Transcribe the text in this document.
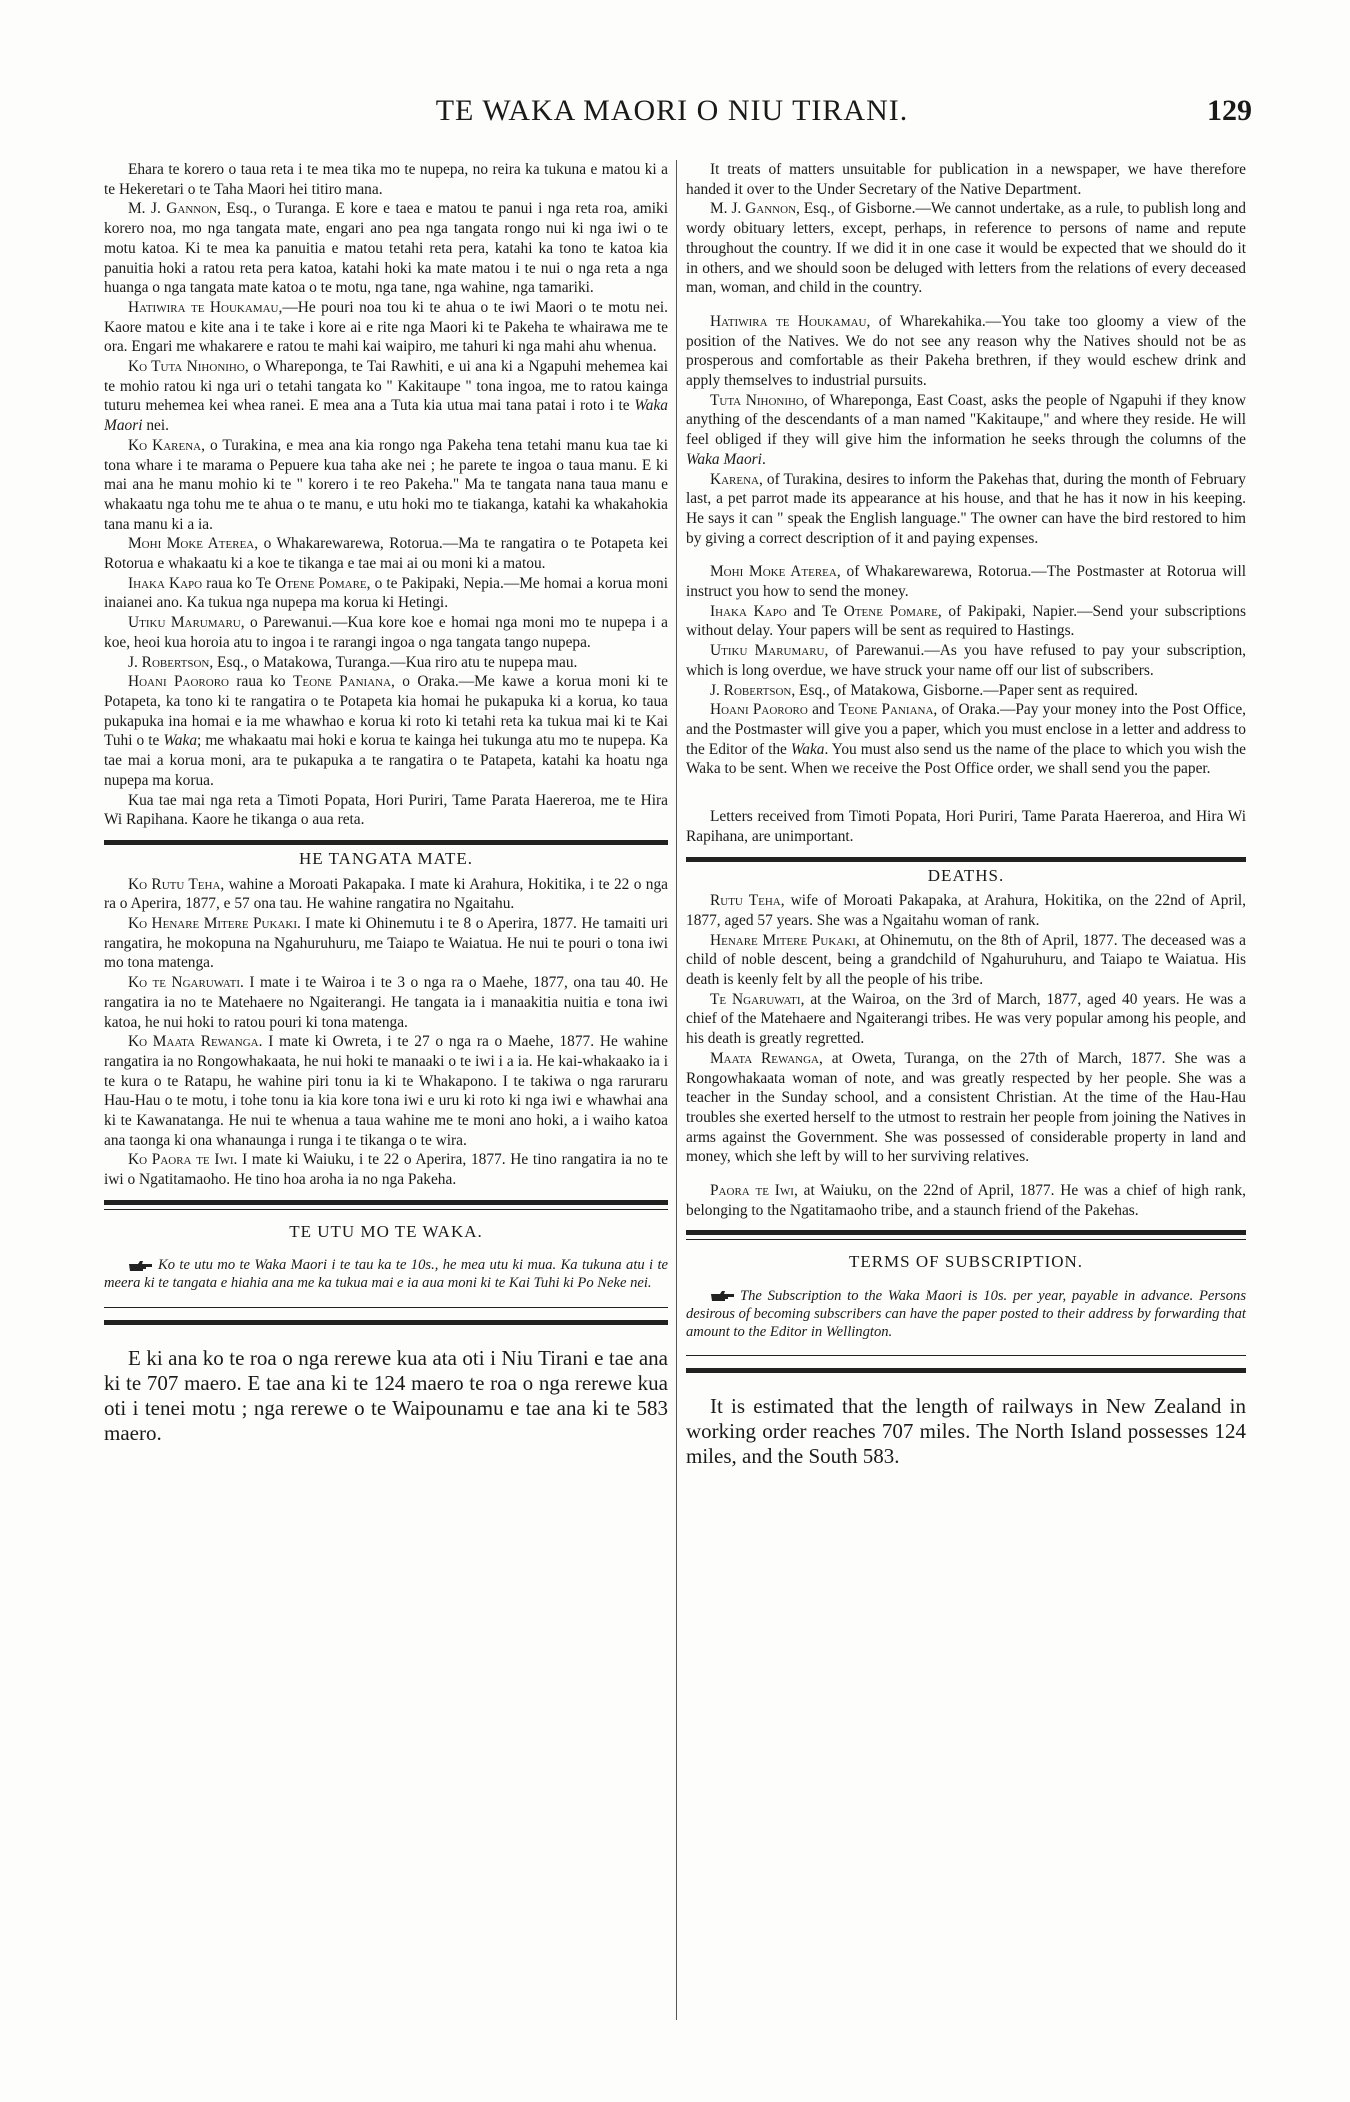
TE WAKA MAORI O NIU TIRANI.	129

Ehara te korero o taua reta i te mea tika mo te nupepa, no reira ka tukuna e matou ki a te Hekeretari o te Taha Maori hei titiro mana.

M. J. Gannon, Esq., o Turanga. E kore e taea e matou te panui i nga reta roa, amiki korero noa, mo nga tangata mate, engari ano pea nga tangata rongo nui ki nga iwi o te motu katoa. Ki te mea ka panuitia e matou tetahi reta pera, katahi ka tono te katoa kia panuitia hoki a ratou reta pera katoa, katahi hoki ka mate matou i te nui o nga reta a nga huanga o nga tangata mate katoa o te motu, nga tane, nga wahine, nga tamariki.

Hatiwira te Houkamau,—He pouri noa tou ki te ahua o te iwi Maori o te motu nei. Kaore matou e kite ana i te take i kore ai e rite nga Maori ki te Pakeha te whairawa me te ora. Engari me whakarere e ratou te mahi kai waipiro, me tahuri ki nga mahi ahu whenua.

Ko Tuta Nihoniho, o Whareponga, te Tai Rawhiti, e ui ana ki a Ngapuhi mehemea kai te mohio ratou ki nga uri o tetahi tangata ko " Kakitaupe " tona ingoa, me to ratou kainga tuturu mehemea kei whea ranei. E mea ana a Tuta kia utua mai tana patai i roto i te Waka Maori nei.

Ko Karena, o Turakina, e mea ana kia rongo nga Pakeha tena tetahi manu kua tae ki tona whare i te marama o Pepuere kua taha ake nei ; he parete te ingoa o taua manu. E ki mai ana he manu mohio ki te " korero i te reo Pakeha." Ma te tangata nana taua manu e whakaatu nga tohu me te ahua o te manu, e utu hoki mo te tiakanga, katahi ka whakahokia tana manu ki a ia.

Mohi Moke Aterea, o Whakarewarewa, Rotorua.—Ma te rangatira o te Potapeta kei Rotorua e whakaatu ki a koe te tikanga e tae mai ai ou moni ki a matou.

Ihaka Kapo raua ko Te Otene Pomare, o te Pakipaki, Nepia.—Me homai a korua moni inaianei ano. Ka tukua nga nupepa ma korua ki Hetingi.

Utiku Marumaru, o Parewanui.—Kua kore koe e homai nga moni mo te nupepa i a koe, heoi kua horoia atu to ingoa i te rarangi ingoa o nga tangata tango nupepa.

J. Robertson, Esq., o Matakowa, Turanga.—Kua riro atu te nupepa mau.

Hoani Paororo raua ko Teone Paniana, o Oraka.—Me kawe a korua moni ki te Potapeta, ka tono ki te rangatira o te Potapeta kia homai he pukapuka ki a korua, ko taua pukapuka ina homai e ia me whawhao e korua ki roto ki tetahi reta ka tukua mai ki te Kai Tuhi o te Waka; me whakaatu mai hoki e korua te kainga hei tukunga atu mo te nupepa. Ka tae mai a korua moni, ara te pukapuka a te rangatira o te Patapeta, katahi ka hoatu nga nupepa ma korua.

Kua tae mai nga reta a Timoti Popata, Hori Puriri, Tame Parata Haereroa, me te Hira Wi Rapihana. Kaore he tikanga o aua reta.

HE TANGATA MATE.

Ko Rutu Teha, wahine a Moroati Pakapaka. I mate ki Arahura, Hokitika, i te 22 o nga ra o Aperira, 1877, e 57 ona tau. He wahine rangatira no Ngaitahu.

Ko Henare Mitere Pukaki. I mate ki Ohinemutu i te 8 o Aperira, 1877. He tamaiti uri rangatira, he mokopuna na Ngahuruhuru, me Taiapo te Waiatua. He nui te pouri o tona iwi mo tona matenga.

Ko te Ngaruwati. I mate i te Wairoa i te 3 o nga ra o Maehe, 1877, ona tau 40. He rangatira ia no te Matehaere no Ngaiterangi. He tangata ia i manaakitia nuitia e tona iwi katoa, he nui hoki to ratou pouri ki tona matenga.

Ko Maata Rewanga. I mate ki Owreta, i te 27 o nga ra o Maehe, 1877. He wahine rangatira ia no Rongowhakaata, he nui hoki te manaaki o te iwi i a ia. He kai-whakaako ia i te kura o te Ratapu, he wahine piri tonu ia ki te Whakapono. I te takiwa o nga raruraru Hau-Hau o te motu, i tohe tonu ia kia kore tona iwi e uru ki roto ki nga iwi e whawhai ana ki te Kawanatanga. He nui te whenua a taua wahine me te moni ano hoki, a i waiho katoa ana taonga ki ona whanaunga i runga i te tikanga o te wira.

Ko Paora te Iwi. I mate ki Waiuku, i te 22 o Aperira, 1877. He tino rangatira ia no te iwi o Ngatitamaoho. He tino hoa aroha ia no nga Pakeha.

TE UTU MO TE WAKA.

Ko te utu mo te Waka Maori i te tau ka te 10s., he mea utu ki mua. Ka tukuna atu i te meera ki te tangata e hiahia ana me ka tukua mai e ia aua moni ki te Kai Tuhi ki Po Neke nei.

E ki ana ko te roa o nga rerewe kua ata oti i Niu Tirani e tae ana ki te 707 maero. E tae ana ki te 124 maero te roa o nga rerewe kua oti i tenei motu ; nga rerewe o te Waipounamu e tae ana ki te 583 maero.

It treats of matters unsuitable for publication in a newspaper, we have therefore handed it over to the Under Secretary of the Native Department.

M. J. Gannon, Esq., of Gisborne.—We cannot undertake, as a rule, to publish long and wordy obituary letters, except, perhaps, in reference to persons of name and repute throughout the country. If we did it in one case it would be expected that we should do it in others, and we should soon be deluged with letters from the relations of every deceased man, woman, and child in the country.

Hatiwira te Houkamau, of Wharekahika.—You take too gloomy a view of the position of the Natives. We do not see any reason why the Natives should not be as prosperous and comfortable as their Pakeha brethren, if they would eschew drink and apply themselves to industrial pursuits.

Tuta Nihoniho, of Whareponga, East Coast, asks the people of Ngapuhi if they know anything of the descendants of a man named "Kakitaupe," and where they reside. He will feel obliged if they will give him the information he seeks through the columns of the Waka Maori.

Karena, of Turakina, desires to inform the Pakehas that, during the month of February last, a pet parrot made its appearance at his house, and that he has it now in his keeping. He says it can " speak the English language." The owner can have the bird restored to him by giving a correct description of it and paying expenses.

Mohi Moke Aterea, of Whakarewarewa, Rotorua.—The Postmaster at Rotorua will instruct you how to send the money.

Ihaka Kapo and Te Otene Pomare, of Pakipaki, Napier.—Send your subscriptions without delay. Your papers will be sent as required to Hastings.

Utiku Marumaru, of Parewanui.—As you have refused to pay your subscription, which is long overdue, we have struck your name off our list of subscribers.

J. Robertson, Esq., of Matakowa, Gisborne.—Paper sent as required.

Hoani Paororo and Teone Paniana, of Oraka.—Pay your money into the Post Office, and the Postmaster will give you a paper, which you must enclose in a letter and address to the Editor of the Waka. You must also send us the name of the place to which you wish the Waka to be sent. When we receive the Post Office order, we shall send you the paper.

Letters received from Timoti Popata, Hori Puriri, Tame Parata Haereroa, and Hira Wi Rapihana, are unimportant.

DEATHS.

Rutu Teha, wife of Moroati Pakapaka, at Arahura, Hokitika, on the 22nd of April, 1877, aged 57 years. She was a Ngaitahu woman of rank.

Henare Mitere Pukaki, at Ohinemutu, on the 8th of April, 1877. The deceased was a child of noble descent, being a grandchild of Ngahuruhuru, and Taiapo te Waiatua. His death is keenly felt by all the people of his tribe.

Te Ngaruwati, at the Wairoa, on the 3rd of March, 1877, aged 40 years. He was a chief of the Matehaere and Ngaiterangi tribes. He was very popular among his people, and his death is greatly regretted.

Maata Rewanga, at Oweta, Turanga, on the 27th of March, 1877. She was a Rongowhakaata woman of note, and was greatly respected by her people. She was a teacher in the Sunday school, and a consistent Christian. At the time of the Hau-Hau troubles she exerted herself to the utmost to restrain her people from joining the Natives in arms against the Government. She was possessed of considerable property in land and money, which she left by will to her surviving relatives.

Paora te Iwi, at Waiuku, on the 22nd of April, 1877. He was a chief of high rank, belonging to the Ngatitamaoho tribe, and a staunch friend of the Pakehas.

TERMS OF SUBSCRIPTION.

The Subscription to the Waka Maori is 10s. per year, payable in advance. Persons desirous of becoming subscribers can have the paper posted to their address by forwarding that amount to the Editor in Wellington.

It is estimated that the length of railways in New Zealand in working order reaches 707 miles. The North Island possesses 124 miles, and the South 583.
